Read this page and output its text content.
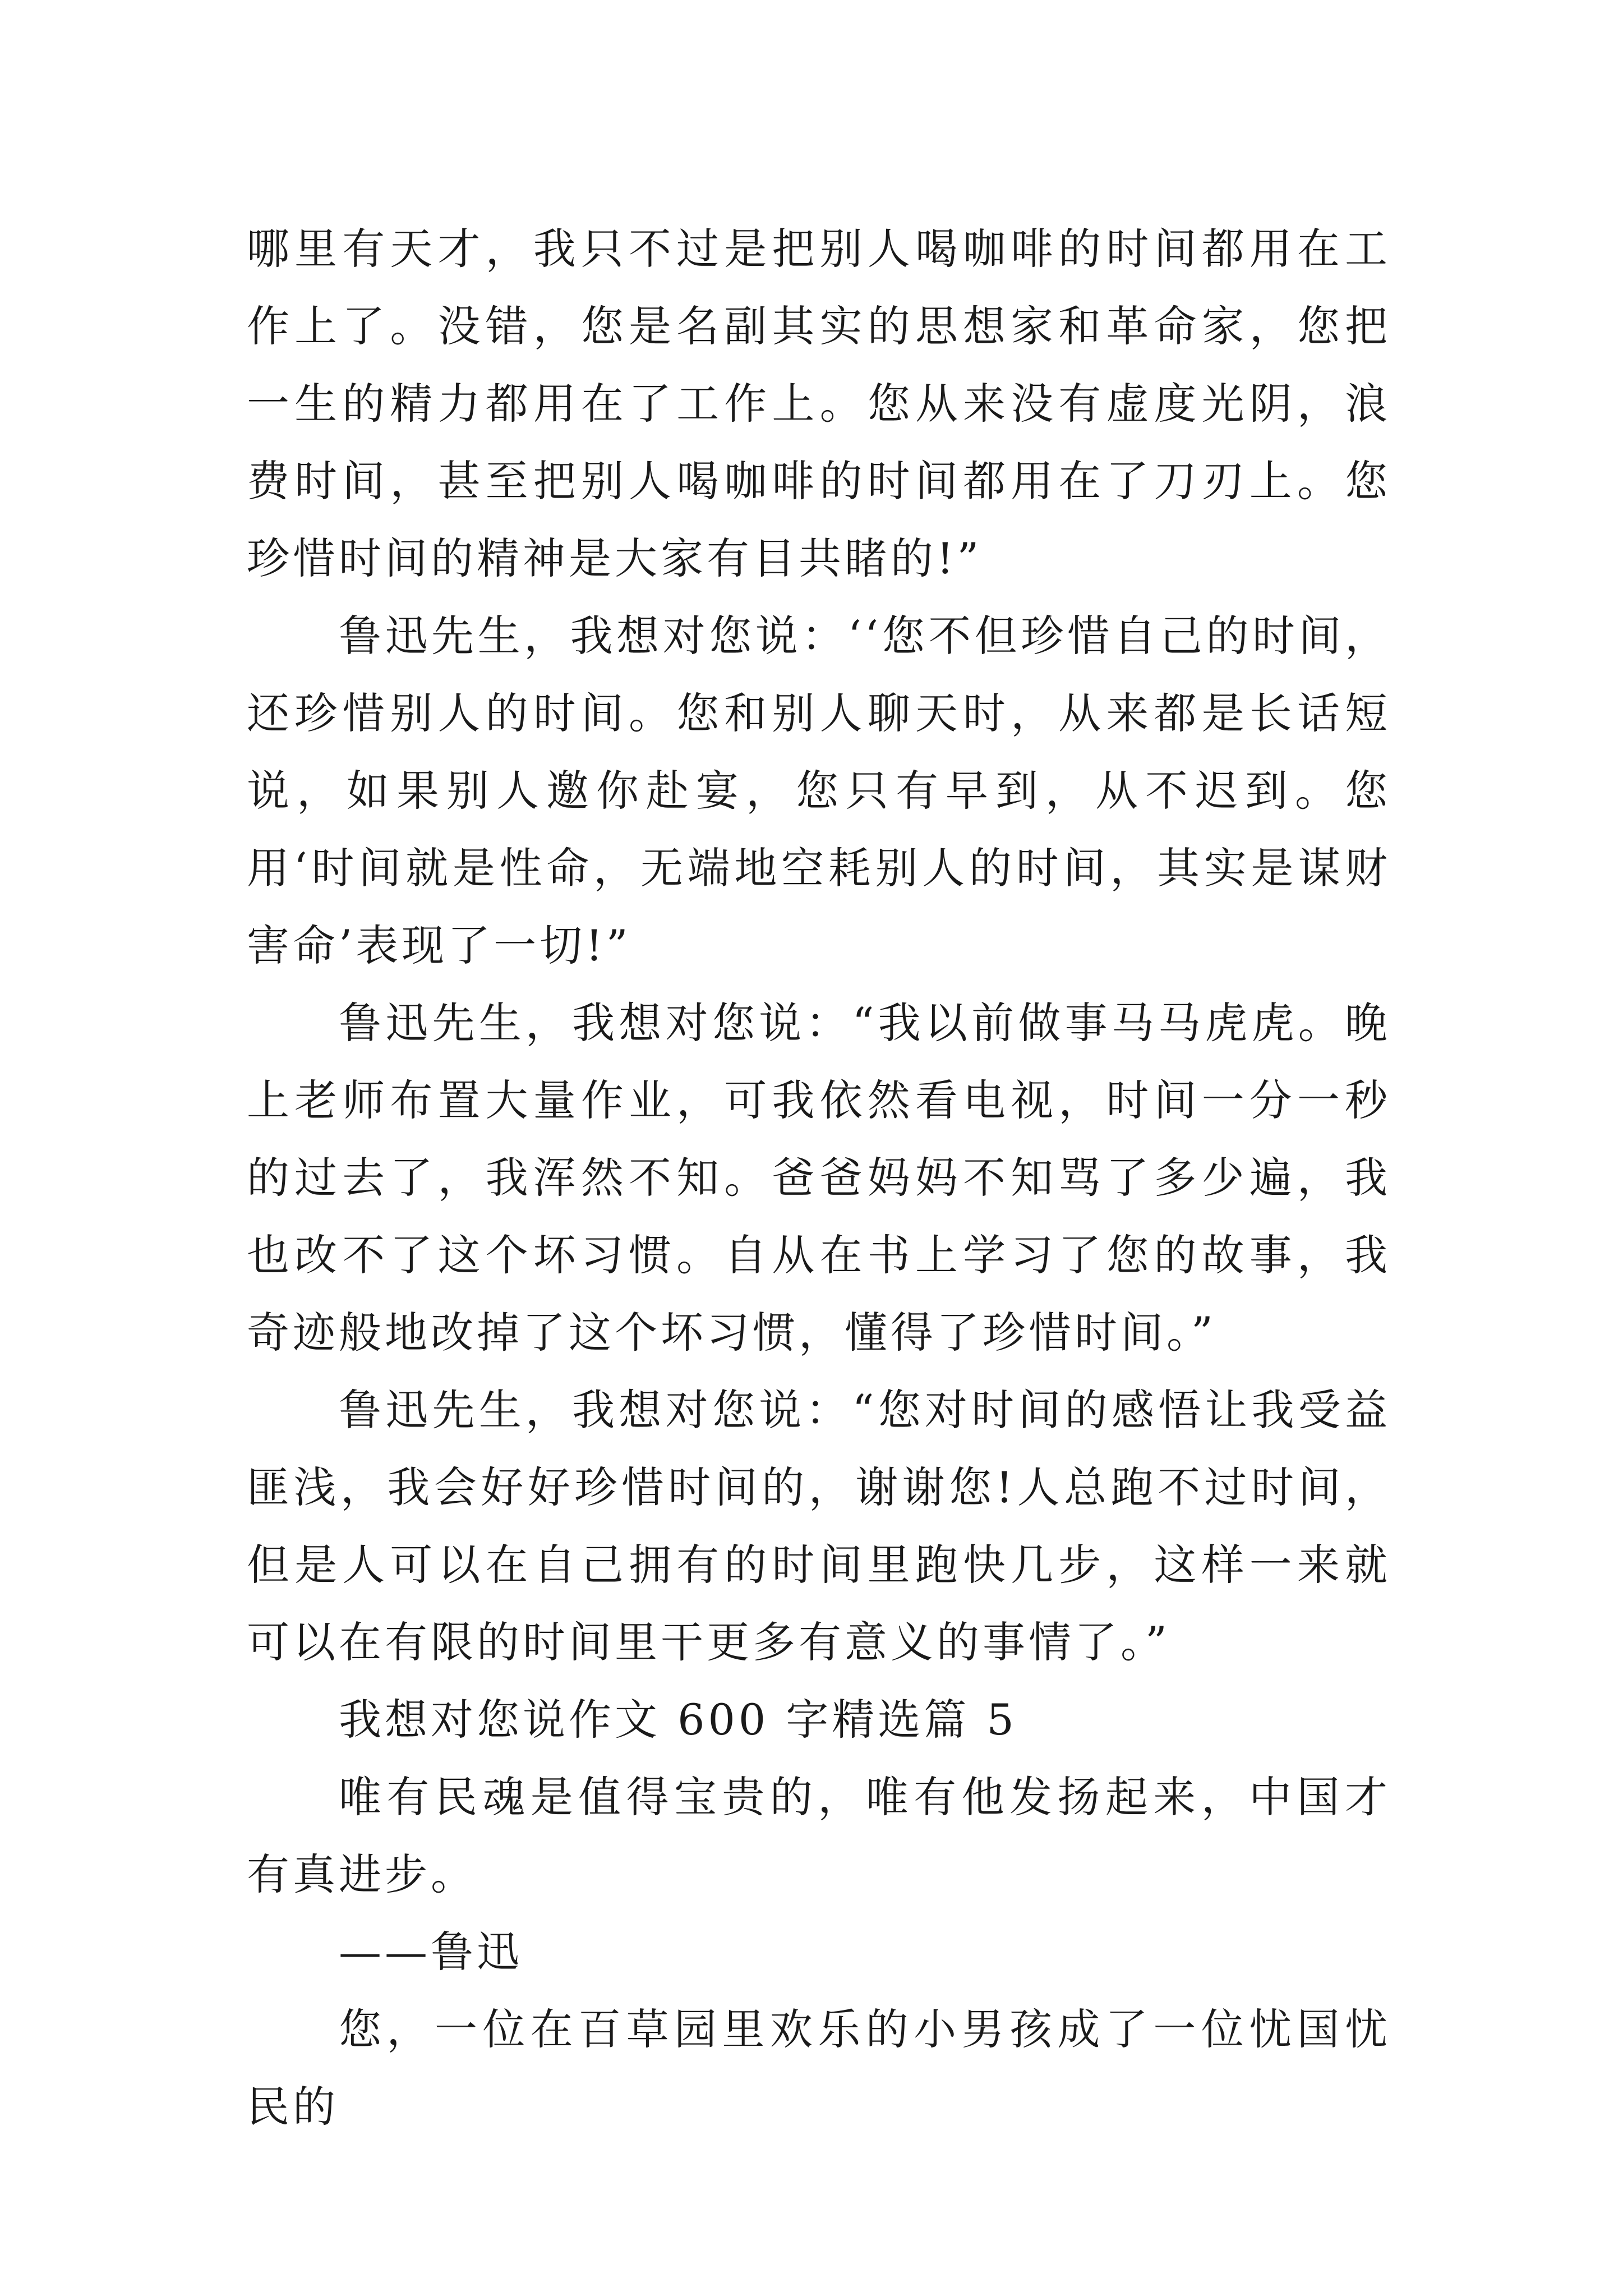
哪里有天才，我只不过是把别人喝咖啡的时间都用在工作上了。没错，您是名副其实的思想家和革命家，您把一生的精力都用在了工作上。您从来没有虚度光阴，浪费时间，甚至把别人喝咖啡的时间都用在了刀刃上。您珍惜时间的精神是大家有目共睹的!”

鲁迅先生，我想对您说：‘‘您不但珍惜自己的时间，还珍惜别人的时间。您和别人聊天时，从来都是长话短说，如果别人邀你赴宴，您只有早到，从不迟到。您用‘时间就是性命，无端地空耗别人的时间，其实是谋财害命’表现了一切!”

鲁迅先生，我想对您说：“我以前做事马马虎虎。晚上老师布置大量作业，可我依然看电视，时间一分一秒的过去了，我浑然不知。爸爸妈妈不知骂了多少遍，我也改不了这个坏习惯。自从在书上学习了您的故事，我奇迹般地改掉了这个坏习惯，懂得了珍惜时间。”

鲁迅先生，我想对您说：“您对时间的感悟让我受益匪浅，我会好好珍惜时间的，谢谢您!人总跑不过时间，但是人可以在自己拥有的时间里跑快几步，这样一来就可以在有限的时间里干更多有意义的事情了。”

我想对您说作文 600 字精选篇 5

唯有民魂是值得宝贵的，唯有他发扬起来，中国才有真进步。

——鲁迅

您，一位在百草园里欢乐的小男孩成了一位忧国忧民的
